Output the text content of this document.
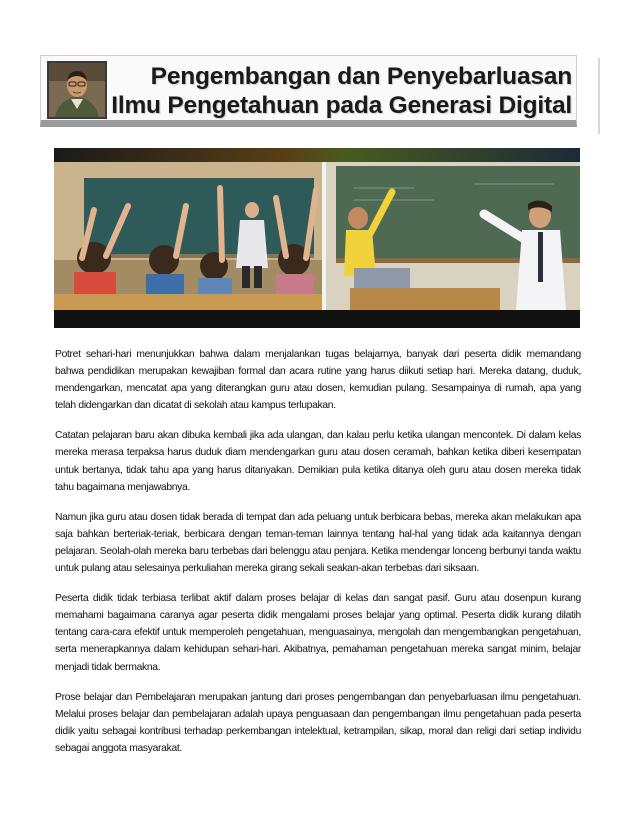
Pengembangan dan Penyebarluasan
Ilmu Pengetahuan pada Generasi Digital

Potret sehari-hari menunjukkan bahwa dalam menjalankan tugas belajarnya, banyak dari peserta didik memandang bahwa pendidikan merupakan kewajiban formal dan acara rutine yang harus diikuti setiap hari. Mereka datang, duduk, mendengarkan, mencatat apa yang diterangkan guru atau dosen, kemudian pulang. Sesampainya di rumah, apa yang telah didengarkan dan dicatat di sekolah atau kampus terlupakan.

Catatan pelajaran baru akan dibuka kembali jika ada ulangan, dan kalau perlu ketika ulangan mencontek. Di dalam kelas mereka merasa terpaksa harus duduk diam mendengarkan guru atau dosen ceramah, bahkan ketika diberi kesempatan untuk bertanya, tidak tahu apa yang harus ditanyakan. Demikian pula ketika ditanya oleh guru atau dosen mereka tidak tahu bagaimana menjawabnya.

Namun jika guru atau dosen tidak berada di tempat dan ada peluang untuk berbicara bebas, mereka akan melakukan apa saja bahkan berteriak-teriak, berbicara dengan teman-teman lainnya tentang hal-hal yang tidak ada kaitannya dengan pelajaran. Seolah-olah mereka baru terbebas dari belenggu atau penjara. Ketika mendengar lonceng berbunyi tanda waktu untuk pulang atau selesainya perkuliahan mereka girang sekali seakan-akan terbebas dari siksaan.

Peserta didik tidak terbiasa terlibat aktif dalam proses belajar di kelas dan sangat pasif. Guru atau dosenpun kurang memahami bagaimana caranya agar peserta didik mengalami proses belajar yang optimal. Peserta didik kurang dilatih tentang cara-cara efektif untuk memperoleh pengetahuan, menguasainya, mengolah dan mengembangkan pengetahuan, serta menerapkannya dalam kehidupan sehari-hari. Akibatnya, pemahaman pengetahuan mereka sangat minim, belajar menjadi tidak bermakna.

Prose belajar dan Pembelajaran merupakan jantung dari proses pengembangan dan penyebarluasan ilmu pengetahuan. Melalui proses belajar dan pembelajaran adalah upaya penguasaan dan pengembangan ilmu pengetahuan pada peserta didik yaitu sebagai kontribusi terhadap perkembangan intelektual, ketrampilan, sikap, moral dan religi dari setiap individu sebagai anggota masyarakat.
